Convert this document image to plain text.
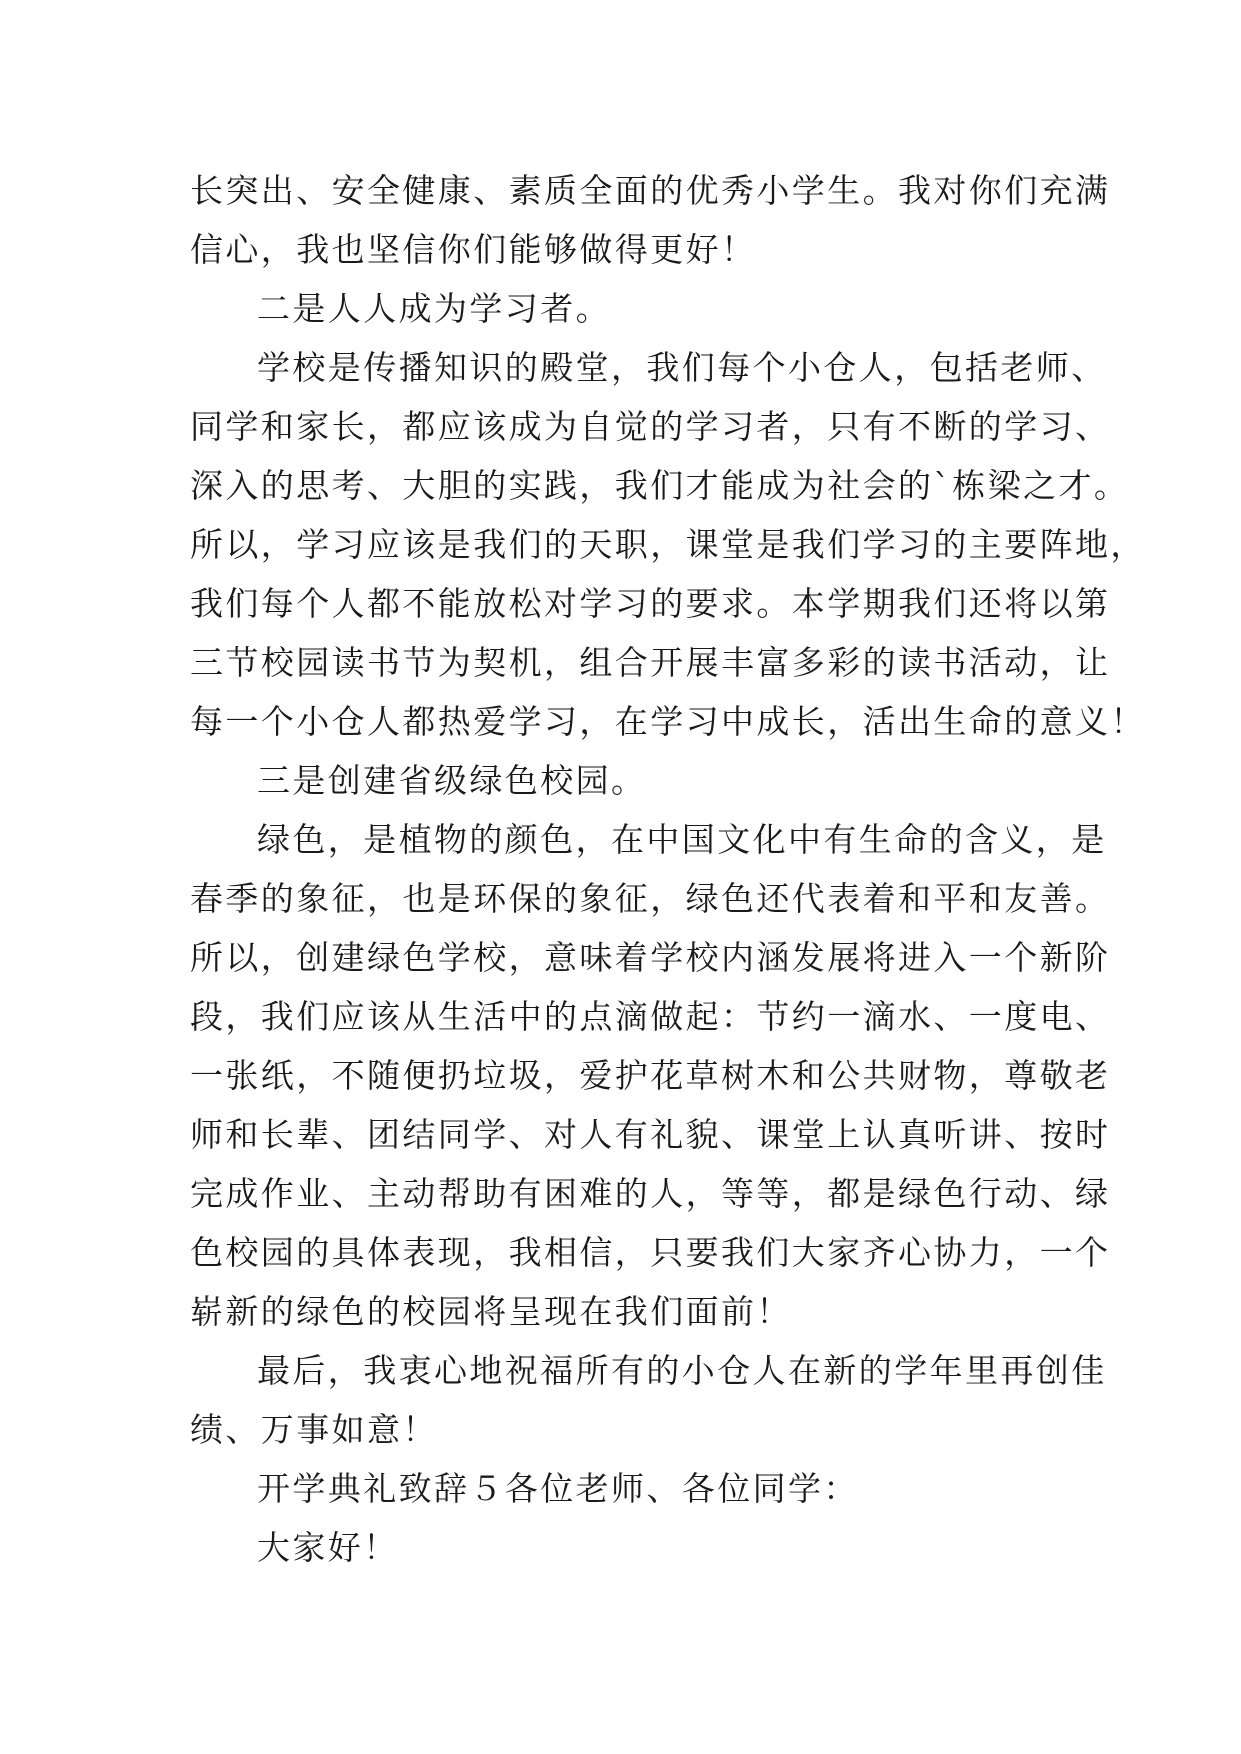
长突出、安全健康、素质全面的优秀小学生。我对你们充满
信心，我也坚信你们能够做得更好！
二是人人成为学习者。
学校是传播知识的殿堂，我们每个小仓人，包括老师、
同学和家长，都应该成为自觉的学习者，只有不断的学习、
深入的思考、大胆的实践，我们才能成为社会的`栋梁之才。
所以，学习应该是我们的天职，课堂是我们学习的主要阵地，
我们每个人都不能放松对学习的要求。本学期我们还将以第
三节校园读书节为契机，组合开展丰富多彩的读书活动，让
每一个小仓人都热爱学习，在学习中成长，活出生命的意义！
三是创建省级绿色校园。
绿色，是植物的颜色，在中国文化中有生命的含义，是
春季的象征，也是环保的象征，绿色还代表着和平和友善。
所以，创建绿色学校，意味着学校内涵发展将进入一个新阶
段，我们应该从生活中的点滴做起：节约一滴水、一度电、
一张纸，不随便扔垃圾，爱护花草树木和公共财物，尊敬老
师和长辈、团结同学、对人有礼貌、课堂上认真听讲、按时
完成作业、主动帮助有困难的人，等等，都是绿色行动、绿
色校园的具体表现，我相信，只要我们大家齐心协力，一个
崭新的绿色的校园将呈现在我们面前！
最后，我衷心地祝福所有的小仓人在新的学年里再创佳
绩、万事如意！
开学典礼致辞５各位老师、各位同学：
大家好！
